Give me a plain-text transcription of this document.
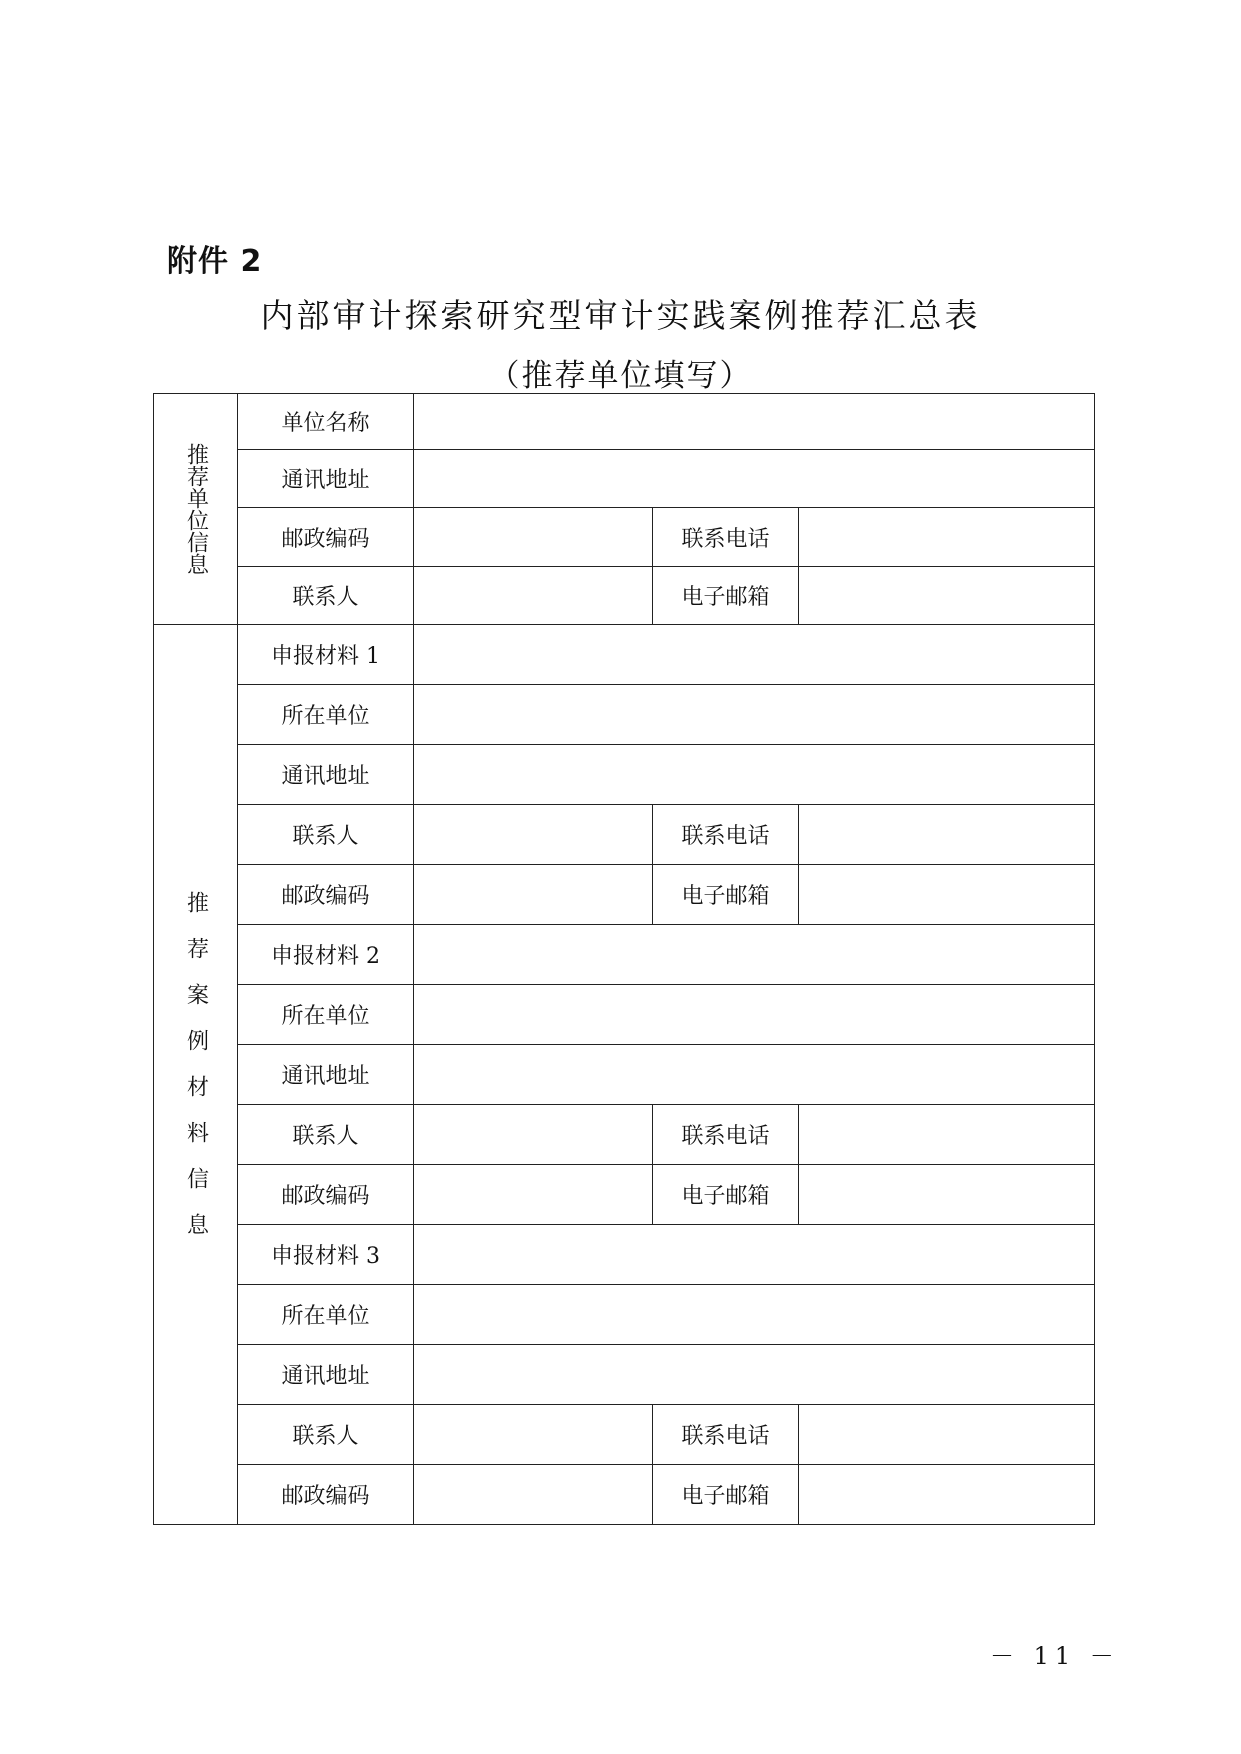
附件 2
内部审计探索研究型审计实践案例推荐汇总表
（推荐单位填写）
推荐单位信息	单位名称			
	通讯地址			
	邮政编码		联系电话	
	联系人		电子邮箱	

推荐案例材料信息	申报材料 1			
	所在单位			
	通讯地址			
	联系人		联系电话	
	邮政编码		电子邮箱	
	申报材料 2			
	所在单位			
	通讯地址			
	联系人		联系电话	
	邮政编码		电子邮箱	
	申报材料 3			
	所在单位			
	通讯地址			
	联系人		联系电话	
	邮政编码		电子邮箱	
－ 11 －
